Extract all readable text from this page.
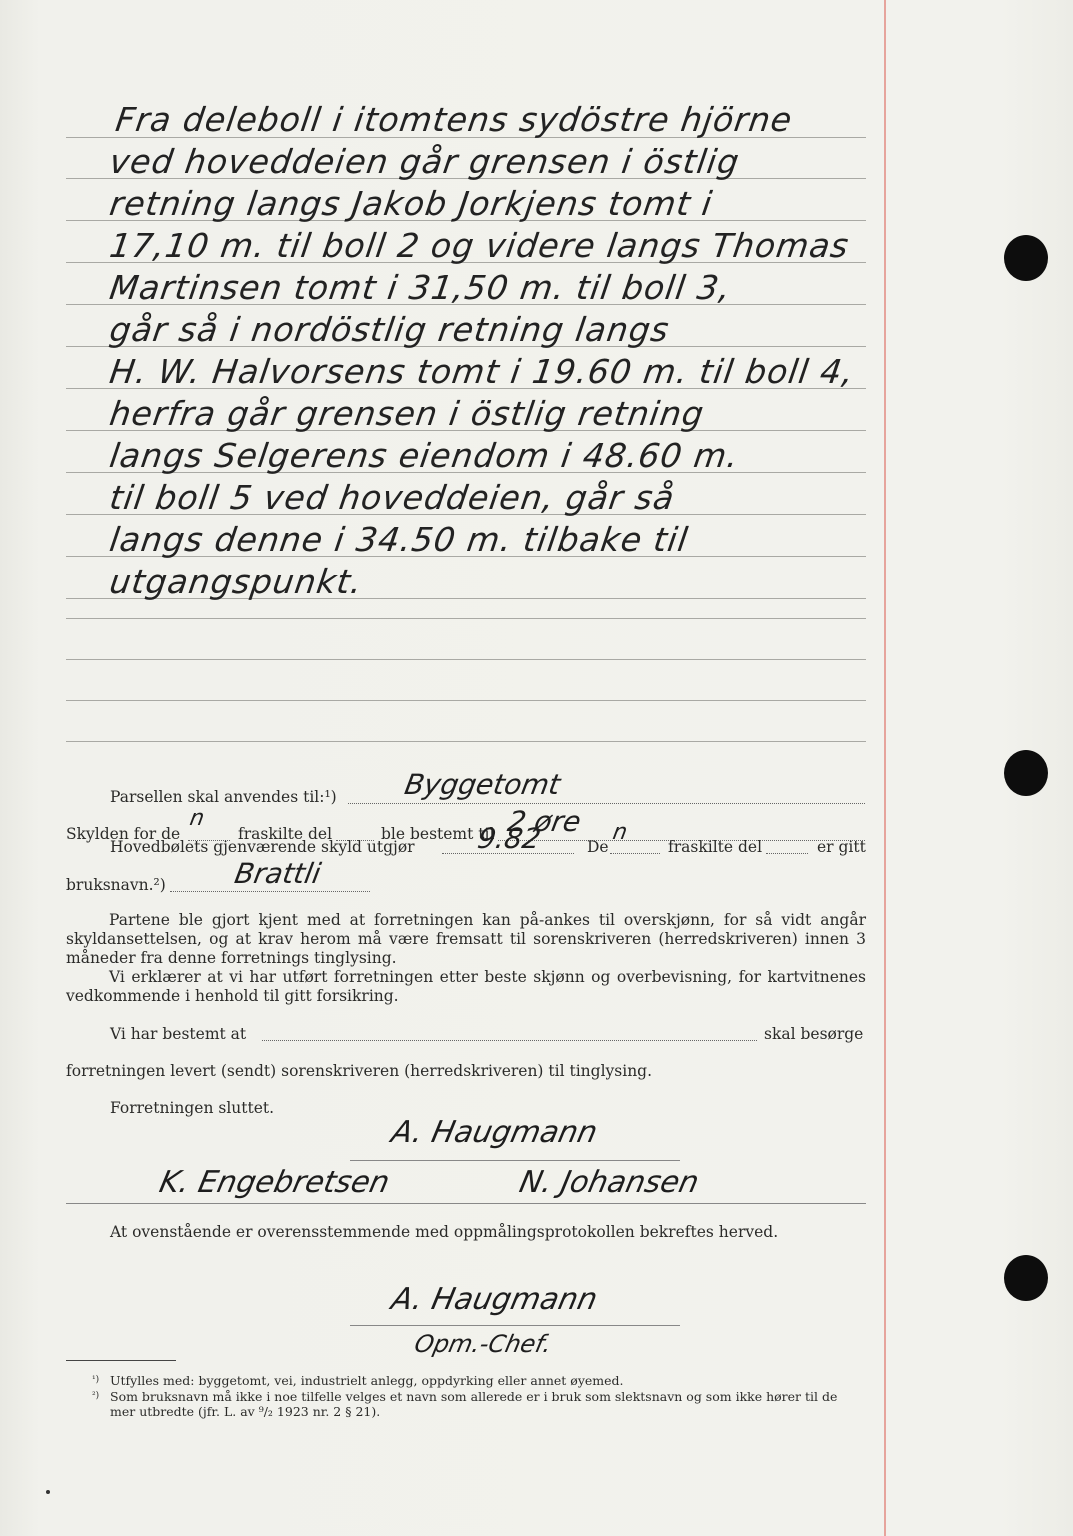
Fra deleboll i itomtens sydöstre hjörne
ved hoveddeien går grensen i östlig
retning langs Jakob Jorkjens tomt i
17,10 m. til boll 2 og videre langs Thomas
Martinsen tomt i 31,50 m. til boll 3,
går så i nordöstlig retning langs
H. W. Halvorsens tomt i 19.60 m. til boll 4,
herfra går grensen i östlig retning
langs Selgerens eiendom i 48.60 m.
til boll 5 ved hoveddeien, går så
langs denne i 34.50 m. tilbake til
utgangspunkt.
Parsellen skal anvendes til:¹) Byggetomt
Skylden for de
n
fraskilte del	ble bestemt til 2 øre
Hovedbølets gjenværende skyld utgjør 9.82	De
n
fraskilte del	er gitt
bruksnavn.²) Brattli

Partene ble gjort kjent med at forretningen kan på-ankes til overskjønn, for så vidt angår skyldansettelsen, og at krav herom må være fremsatt til sorenskriveren (herredskriveren) innen 3 måneder fra denne forretnings tinglysing.

Vi erklærer at vi har utført forretningen etter beste skjønn og overbevisning, for kartvitnenes vedkommende i henhold til gitt forsikring.

Vi har bestemt at	skal besørge
forretningen levert (sendt) sorenskriveren (herredskriveren) til tinglysing.
Forretningen sluttet.
A. Haugmann
K. Engebretsen	N. Johansen
At ovenstående er overensstemmende med oppmålingsprotokollen bekreftes herved.
A. Haugmann
Opm.-Chef.
¹) Utfylles med: byggetomt, vei, industrielt anlegg, oppdyrking eller annet øyemed.
²) Som bruksnavn må ikke i noe tilfelle velges et navn som allerede er i bruk som slektsnavn og som ikke hører til de mer utbredte (jfr. L. av ⁹/₂ 1923 nr. 2 § 21).
